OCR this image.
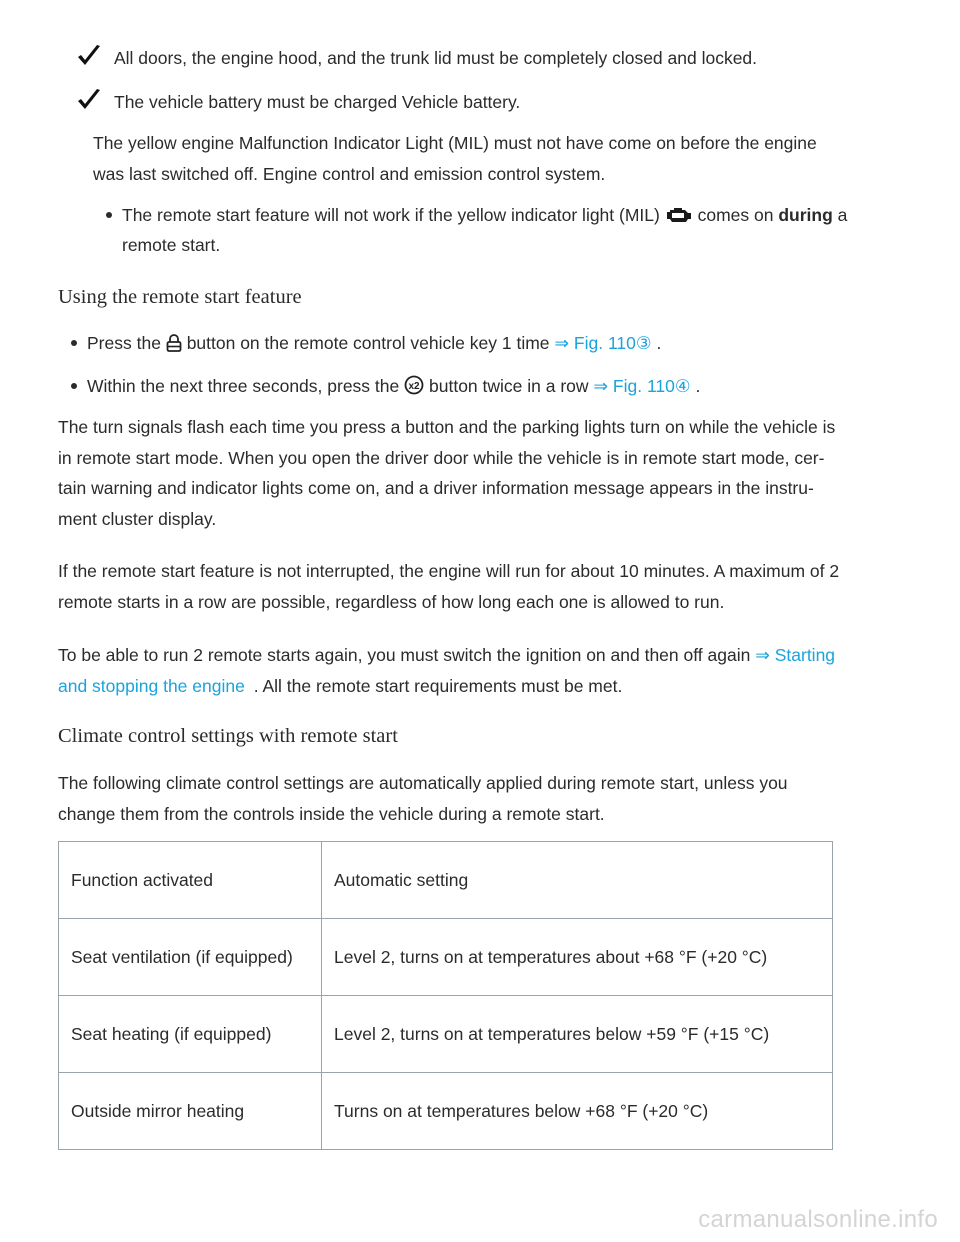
All doors, the engine hood, and the trunk lid must be completely closed and locked.
The vehicle battery must be charged Vehicle battery.
The yellow engine Malfunction Indicator Light (MIL) must not have come on before the engine
was last switched off. Engine control and emission control system.
The remote start feature will not work if the yellow indicator light (MIL) comes on during a
remote start.
Using the remote start feature
Press the button on the remote control vehicle key 1 time ⇒ Fig. 110③ .
Within the next three seconds, press the x2 button twice in a row ⇒ Fig. 110④ .
The turn signals flash each time you press a button and the parking lights turn on while the vehicle is
in remote start mode. When you open the driver door while the vehicle is in remote start mode, cer-
tain warning and indicator lights come on, and a driver information message appears in the instru-
ment cluster display.
If the remote start feature is not interrupted, the engine will run for about 10 minutes. A maximum of 2
remote starts in a row are possible, regardless of how long each one is allowed to run.
To be able to run 2 remote starts again, you must switch the ignition on and then off again ⇒ Starting
and stopping the engine . All the remote start requirements must be met.
Climate control settings with remote start
The following climate control settings are automatically applied during remote start, unless you
change them from the controls inside the vehicle during a remote start.
Function activated	Automatic setting
Seat ventilation (if equipped)	Level 2, turns on at temperatures about +68 °F (+20 °C)
Seat heating (if equipped)	Level 2, turns on at temperatures below +59 °F (+15 °C)
Outside mirror heating	Turns on at temperatures below +68 °F (+20 °C)
carmanualsonline.info
